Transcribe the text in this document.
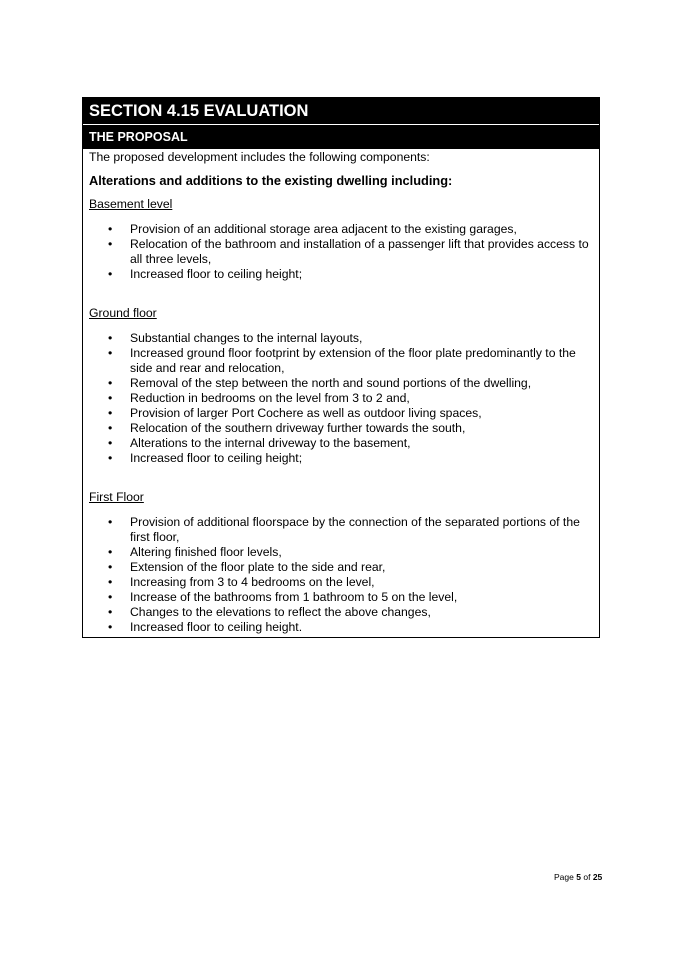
SECTION 4.15 EVALUATION
THE PROPOSAL

The proposed development includes the following components:

Alterations and additions to the existing dwelling including:

Basement level

• Provision of an additional storage area adjacent to the existing garages,
• Relocation of the bathroom and installation of a passenger lift that provides access to all three levels,
• Increased floor to ceiling height;

Ground floor

• Substantial changes to the internal layouts,
• Increased ground floor footprint by extension of the floor plate predominantly to the side and rear and relocation,
• Removal of the step between the north and sound portions of the dwelling,
• Reduction in bedrooms on the level from 3 to 2 and,
• Provision of larger Port Cochere as well as outdoor living spaces,
• Relocation of the southern driveway further towards the south,
• Alterations to the internal driveway to the basement,
• Increased floor to ceiling height;

First Floor

• Provision of additional floorspace by the connection of the separated portions of the first floor,
• Altering finished floor levels,
• Extension of the floor plate to the side and rear,
• Increasing from 3 to 4 bedrooms on the level,
• Increase of the bathrooms from 1 bathroom to 5 on the level,
• Changes to the elevations to reflect the above changes,
• Increased floor to ceiling height.
Page 5 of 25
